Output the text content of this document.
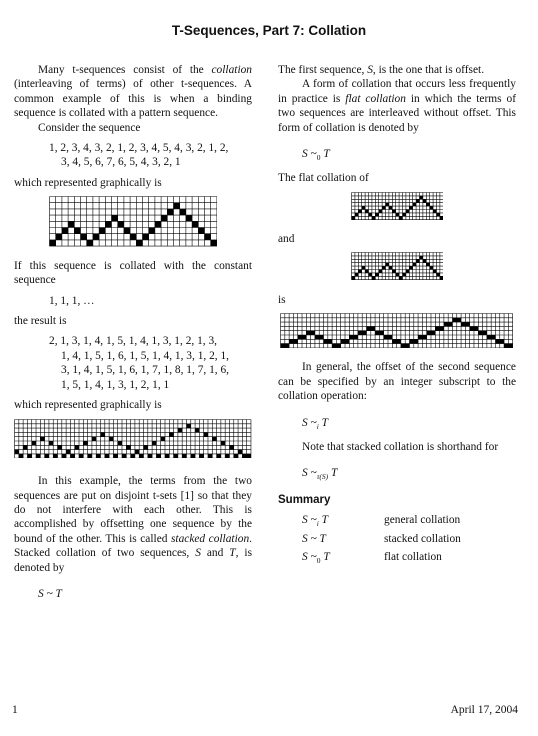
T-Sequences, Part 7: Collation

Many t-sequences consist of the collation (interleaving of terms) of other t-sequences. A common example of this is when a binding sequence is collated with a pattern sequence.

Consider the sequence

1, 2, 3, 4, 3, 2, 1, 2, 3, 4, 5, 4, 3, 2, 1, 2,
3, 4, 5, 6, 7, 6, 5, 4, 3, 2, 1

which represented graphically is

If this sequence is collated with the constant sequence

1, 1, 1, …

the result is

2, 1, 3, 1, 4, 1, 5, 1, 4, 1, 3, 1, 2, 1, 3,
1, 4, 1, 5, 1, 6, 1, 5, 1, 4, 1, 3, 1, 2, 1,
3, 1, 4, 1, 5, 1, 6, 1, 7, 1, 8, 1, 7, 1, 6,
1, 5, 1, 4, 1, 3, 1, 2, 1, 1

which represented graphically is

In this example, the terms from the two sequences are put on disjoint t-sets [1] so that they do not interfere with each other. This is accomplished by offsetting one sequence by the bound of the other. This is called stacked collation. Stacked collation of two sequences, S and T, is denoted by

S ~ T

The first sequence, S, is the one that is offset.

A form of collation that occurs less frequently in practice is flat collation in which the terms of two sequences are interleaved without offset. This form of collation is denoted by

S $\sim_0$ T

The flat collation of

and

is

In general, the offset of the second sequence can be specified by an integer subscript to the collation operation:

S $\sim_i$ T

Note that stacked collation is shorthand for

S $\sim_{\tau(S)}$ T

Summary
S $\sim_i$ T	general collation
S ~ T	stacked collation
S $\sim_0$ T	flat collation
1	April 17, 2004
